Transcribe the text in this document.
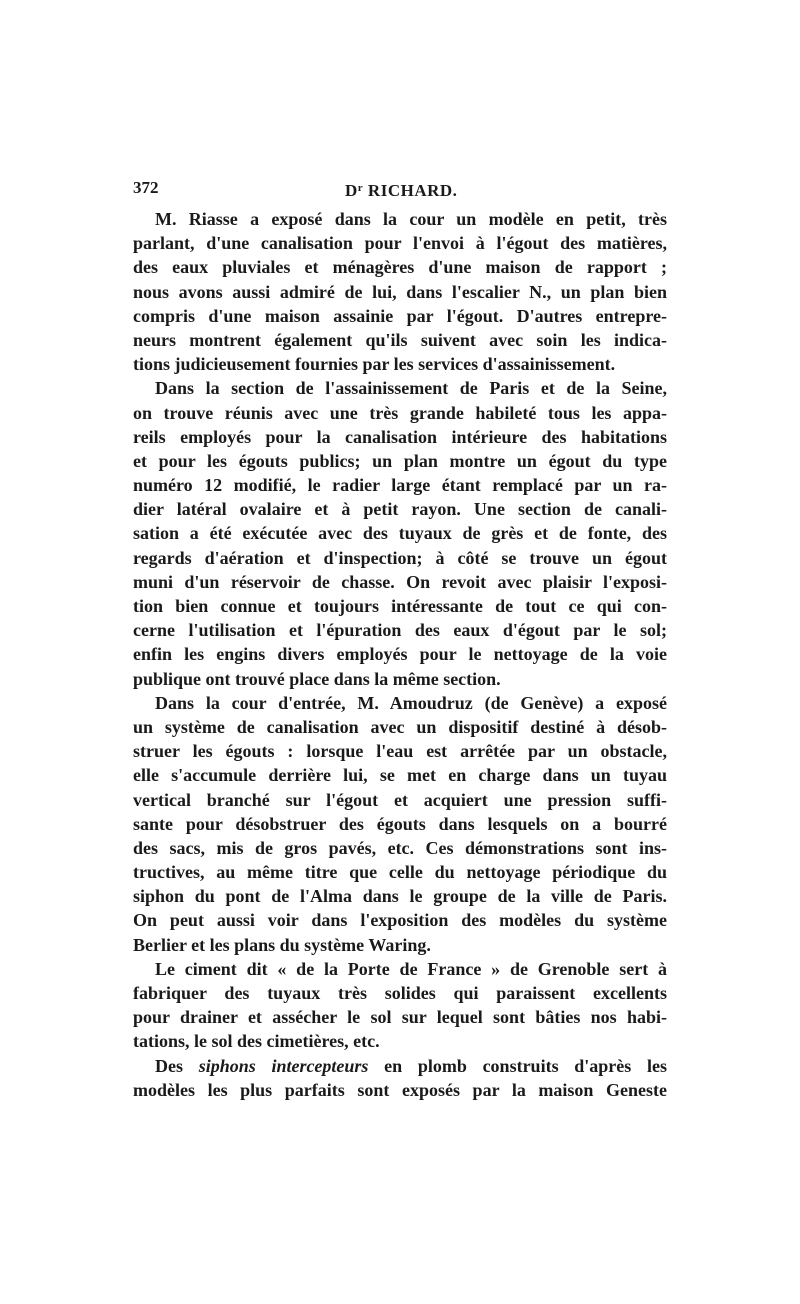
372	$D^r$ RICHARD.
M. Riasse a exposé dans la cour un modèle en petit, très
parlant, d'une canalisation pour l'envoi à l'égout des matières,
des eaux pluviales et ménagères d'une maison de rapport ;
nous avons aussi admiré de lui, dans l'escalier N., un plan bien
compris d'une maison assainie par l'égout. D'autres entrepre-
neurs montrent également qu'ils suivent avec soin les indica-
tions judicieusement fournies par les services d'assainissement.
Dans la section de l'assainissement de Paris et de la Seine,
on trouve réunis avec une très grande habileté tous les appa-
reils employés pour la canalisation intérieure des habitations
et pour les égouts publics; un plan montre un égout du type
numéro 12 modifié, le radier large étant remplacé par un ra-
dier latéral ovalaire et à petit rayon. Une section de canali-
sation a été exécutée avec des tuyaux de grès et de fonte, des
regards d'aération et d'inspection; à côté se trouve un égout
muni d'un réservoir de chasse. On revoit avec plaisir l'exposi-
tion bien connue et toujours intéressante de tout ce qui con-
cerne l'utilisation et l'épuration des eaux d'égout par le sol;
enfin les engins divers employés pour le nettoyage de la voie
publique ont trouvé place dans la même section.
Dans la cour d'entrée, M. Amoudruz (de Genève) a exposé
un système de canalisation avec un dispositif destiné à désob-
struer les égouts : lorsque l'eau est arrêtée par un obstacle,
elle s'accumule derrière lui, se met en charge dans un tuyau
vertical branché sur l'égout et acquiert une pression suffi-
sante pour désobstruer des égouts dans lesquels on a bourré
des sacs, mis de gros pavés, etc. Ces démonstrations sont ins-
tructives, au même titre que celle du nettoyage périodique du
siphon du pont de l'Alma dans le groupe de la ville de Paris.
On peut aussi voir dans l'exposition des modèles du système
Berlier et les plans du système Waring.
Le ciment dit « de la Porte de France » de Grenoble sert à
fabriquer des tuyaux très solides qui paraissent excellents
pour drainer et assécher le sol sur lequel sont bâties nos habi-
tations, le sol des cimetières, etc.
Des siphons intercepteurs en plomb construits d'après les
modèles les plus parfaits sont exposés par la maison Geneste
